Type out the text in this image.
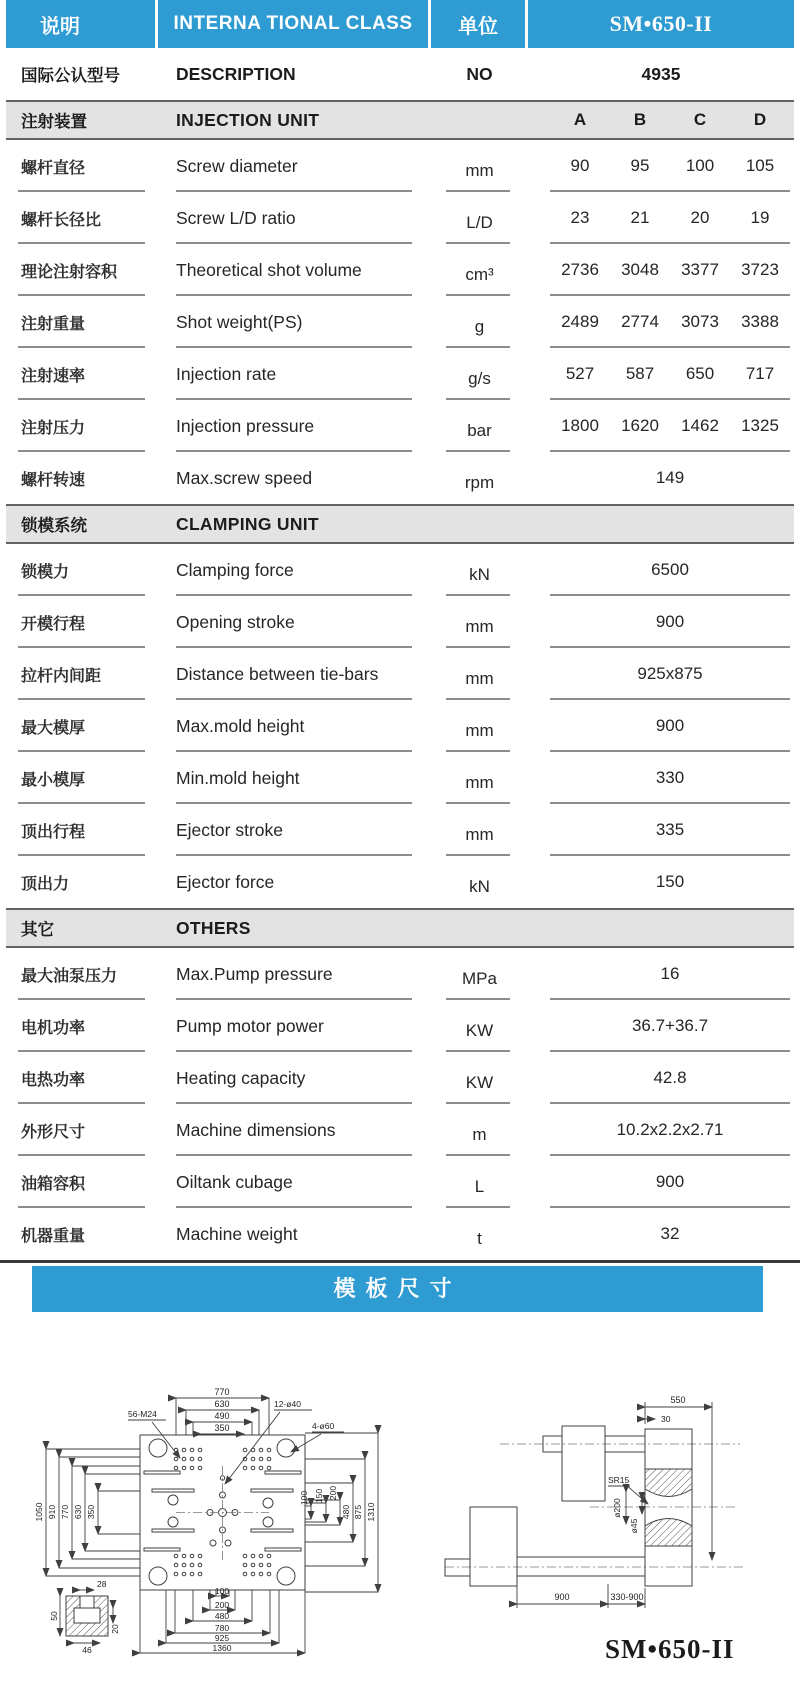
说明	INTERNA TIONAL CLASS	单位	SM•650-II
国际公认型号	DESCRIPTION	NO	4935
注射装置	INJECTION UNIT	A	B	C	D
螺杆直径	Screw diameter	mm	90	95	100	105
螺杆长径比	Screw L/D ratio	L/D	23	21	20	19
理论注射容积	Theoretical shot volume	cm³	2736	3048	3377	3723
注射重量	Shot weight(PS)	g	2489	2774	3073	3388
注射速率	Injection rate	g/s	527	587	650	717
注射压力	Injection pressure	bar	1800	1620	1462	1325
螺杆转速	Max.screw speed	rpm	149
锁模系统	CLAMPING UNIT
锁模力	Clamping force	kN	6500
开模行程	Opening stroke	mm	900
拉杆内间距	Distance between tie-bars	mm	925x875
最大模厚	Max.mold height	mm	900
最小模厚	Min.mold height	mm	330
顶出行程	Ejector stroke	mm	335
顶出力	Ejector force	kN	150
其它	OTHERS
最大油泵压力	Max.Pump pressure	MPa	16
电机功率	Pump motor power	KW	36.7+36.7
电热功率	Heating capacity	KW	42.8
外形尺寸	Machine dimensions	m	10.2x2.2x2.71
油箱容积	Oiltank cubage	L	900
机器重量	Machine weight	t	32
模板尺寸
770
630
490
350
56-M24
12-ø40
4-ø60
1050 910 770 630 350
100 150 200
480 875 1310
100
200
480
780
925
1360
28
50
46
20
550
30
SR15
ø200
ø45
900	330-900
SM•650-II
